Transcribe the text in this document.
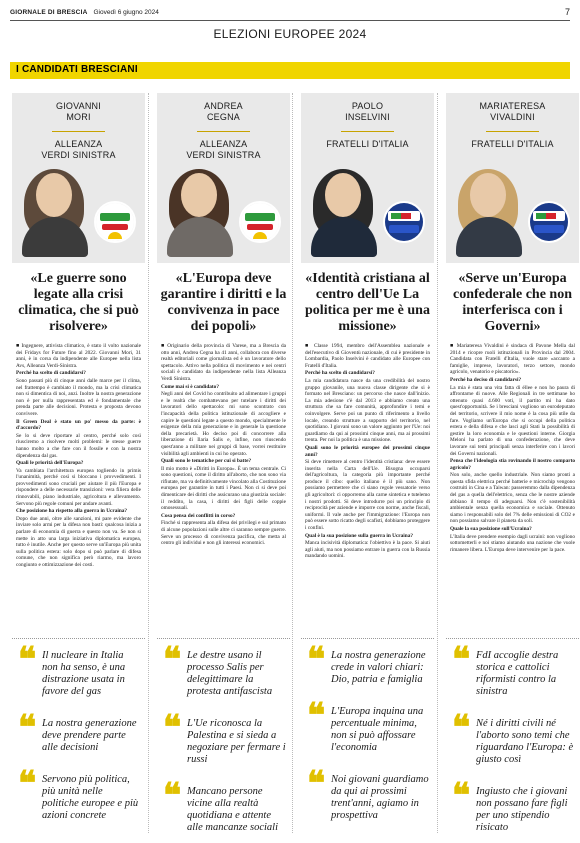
GIORNALE DI BRESCIA Giovedì 6 giugno 2024	7
ELEZIONI EUROPEE 2024
I CANDIDATI BRESCIANI
GIOVANNI
MORI
ALLEANZA
VERDI SINISTRA
«Le guerre sono legate alla crisi climatica, che si può risolvere»

■ Ingegnere, attivista climatico, è stato il volto nazionale dei Fridays for Future fino al 2022. Giovanni Mori, 31 anni, è in corsa da indipendente alle Europee nella lista Avs, Alleanza Verdi-Sinistra.

Perché ha scelto di candidarsi?

Sono passati più di cinque anni dalle marce per il clima, nel frattempo è cambiato il mondo, ma la crisi climatica non si dimentica di noi, anzi. Inoltre la nostra generazione non è per nulla rappresentata ed è fondamentale che prenda parte alle decisioni. Protesta e proposta devono convivere.

Il Green Deal è stato un po' messo da parte: è d'accordo?

Se lo si deve riportare al centro, perché solo così riusciremo a risolvere molti problemi: le stesse guerre hanno molto a che fare con il fossile e con la nostra dipendenza dal gas.

Quali le priorità dell'Europa?

Va cambiata l'architettura europea togliendo in primis l'unanimità, perché così si bloccano i provvedimenti. I provvedimenti sono cruciali per aiutare il più l'Europa e rispondere a delle necessarie transizioni: vera filiera delle rinnovabili, piano industriale, agricoltura e allevamento. Servono più regole comuni per andare avanti.

Che posizione ha rispetto alla guerra in Ucraina?

Dopo due anni, oltre alle sanzioni, mi pare evidente che inviare solo armi per la difesa non basti: qualcosa inizia a parlare di economia di guerra e questo non va. Se non si mette in atto una larga iniziativa diplomatica europea, tutto è inutile. Anche per questo serve un'Europa più unita sulla politica estera: solo dopo si può parlare di difesa comune, che non significa però riarmo, ma lavoro congiunto e ottimizzazione dei costi.

❝ Il nucleare in Italia non ha senso, è una distrazione usata in favore del gas
❝ La nostra generazione deve prendere parte alle decisioni
❝ Servono più politica, più unità nelle politiche europee e più azioni concrete
ANDREA
CEGNA
ALLEANZA
VERDI SINISTRA
«L'Europa deve garantire i diritti e la convivenza in pace dei popoli»

■ Originario della provincia di Varese, ma a Brescia da otto anni, Andrea Cegna ha 41 anni, collabora con diverse realtà editoriali come giornalista ed è un lavoratore dello spettacolo. Attivo nella politica di movimento e nei centri sociali è candidato da indipendente nella lista Alleanza Verdi Sinistra.

Come mai si è candidato?

Negli anni del Covid ho contribuito ad alimentare i gruppi e le realtà che combattevano per tutelare i diritti dei lavoratori dello spettacolo: mi sono scontrato con l'incapacità della politica istituzionale di accogliere e capire le questioni legate a questo mondo, specialmente le esigenze della mia generazione e in generale la questione della precarietà. Ho deciso poi di concorrere alla liberazione di Ilaria Salis e, infine, non riuscendo quest'anno a militare nei gruppi di base, vorrei restituire visibilità agli ambienti in cui ho operato.

Quali sono le tematiche per cui si batte?

Il mio motto è «Diritti in Europa». È un tema centrale. Ci sono questioni, come il diritto all'aborto, che non sono via rifiutate, ma va definitivamente vincolato alla Costituzione europea per garantire in tutti i Paesi. Non ci si deve poi dimenticare dei diritti che assicurano una giustizia sociale: il reddito, la casa, i diritti dei figli delle coppie omosessuali.

Cosa pensa dei conflitti in corso?

Finché si rappresenta alla difesa dei privilegi e sul primato di alcune popolazioni sulle altre ci saranno sempre guerre. Serve un processo di convivenza pacifica, che metta al centro gli individui e non gli interessi economici.

❝ Le destre usano il processo Salis per delegittimare la protesta antifascista
❝ L'Ue riconosca la Palestina e si sieda a negoziare per fermare i russi
❝ Mancano persone vicine alla realtà quotidiana e attente alle mancanze sociali
PAOLO
INSELVINI
FRATELLI D'ITALIA
«Identità cristiana al centro dell'Ue La politica per me è una missione»

■ Classe 1994, membro dell'Assemblea nazionale e dell'esecutivo di Gioventù nazionale, di cui è presidente in Lombardia, Paolo Inselvini è candidato alle Europee con Fratelli d'Italia.

Perché ha scelto di candidarsi?

La mia candidatura nasce da una credibilità del nostro gruppo giovanile, una nuova classe dirigente che si è formato nel Bresciano: un percorso che nasce dall'inizio. La mia adesione c'è dal 2013 e abbiamo creato una struttura che sa fare comunità, approfondire i temi e coinvolgere. Serve poi un punto di riferimento a livello locale, creando strutture a supporto del territorio, nel quotidiano. I giovani sono un valore aggiunto per l'Ue: noi guardiamo da qui ai prossimi cinque anni, ma ai prossimi trenta. Per noi la politica è una missione.

Quali sono le priorità europee dei prossimi cinque anni?

Si deve rimettere al centro l'identità cristiana: deve essere inserita nella Carta dell'Ue. Bisogna occuparsi dell'agricoltura, la categoria più importante perché produce il cibo: quello italiano è il più sano. Non possiamo permettere che ci siano regole vessatorie verso gli agricoltori: ci opporremo alla carne sintetica e tutelemo i nostri prodotti. Si deve introdurre poi un principio di reciprocità per aziende e imporre con norme, anche fiscali, uniformi. Il vale anche per l'immigrazione: l'Europa non può essere sotto ricatto degli scafisti, dobbiamo proteggere i confini.

Qual è la sua posizione sulla guerra in Ucraina?

Manca incisività diplomatica: l'obiettivo è la pace. Si aiuti agli aiuti, ma non possiamo entrare in guerra con la Russia mandando uomini.

❝ La nostra generazione crede in valori chiari: Dio, patria e famiglia
❝ L'Europa inquina una percentuale minima, non si può affossare l'economia
❝ Noi giovani guardiamo da qui ai prossimi trent'anni, agiamo in prospettiva
MARIATERESA
VIVALDINI
FRATELLI D'ITALIA
«Serve un'Europa confederale che non interferisca con i Governi»

■ Mariateresa Vivaldini è sindaca di Pavone Mella dal 2014 e ricopre ruoli istituzionali in Provincia dal 2004. Candidata con Fratelli d'Italia, vuole stare «accanto a famiglie, imprese, lavoratori, terzo settore, mondo agricolo, venatorio e piscatorio».

Perché ha deciso di candidarsi?

La mia è stata una vita fatta di éllee e non ho paura di affrontarne di nuove. Alle Regionali in tre settimane ho ottenuto quasi 4.600 voti, il partito mi ha dato quest'opportunità. Se i bresciani vogliono un eurodeputato del territorio, scrivere il mio nome è la cosa più utile da fare. Vogliamo un'Europa che si occupi della politica estera e della difesa e che lasci agli Stati la possibilità di gestire la loro economia e le questioni interne. Giorgia Meloni ha parlato di una confederazione, che deve lavorare sui temi principali senza interferire con i lavori dei Governi nazionali.

Pensa che l'ideologia stia rovinando il nostro comparto agricolo?

Non solo, anche quello industriale. Non siamo pronti a questa sfida elettrica perché batterie e microchip vengono costruiti in Cina e a Taiwan: passeremmo dalla dipendenza del gas a quella dell'elettrico, senza che le nostre aziende abbiano il tempo di adeguarsi. Non c'è sostenibilità ambientale senza quella economica e sociale. Ottenuto siamo i responsabili solo del 7% delle emissioni di CO2 e non possiamo salvare il pianeta da soli.

Quale la sua posizione sull'Ucraina?

L'Italia deve prendere esempio dagli ucraini: non vogliono sottometterli e noi stiamo aiutando una nazione che vuole rimanere libera. L'Europa deve intervenire per la pace.

❝ FdI accoglie destra storica e cattolici riformisti contro la sinistra
❝ Né i diritti civili né l'aborto sono temi che riguardano l'Europa: è giusto così
❝ Ingiusto che i giovani non possano fare figli per uno stipendio risicato
